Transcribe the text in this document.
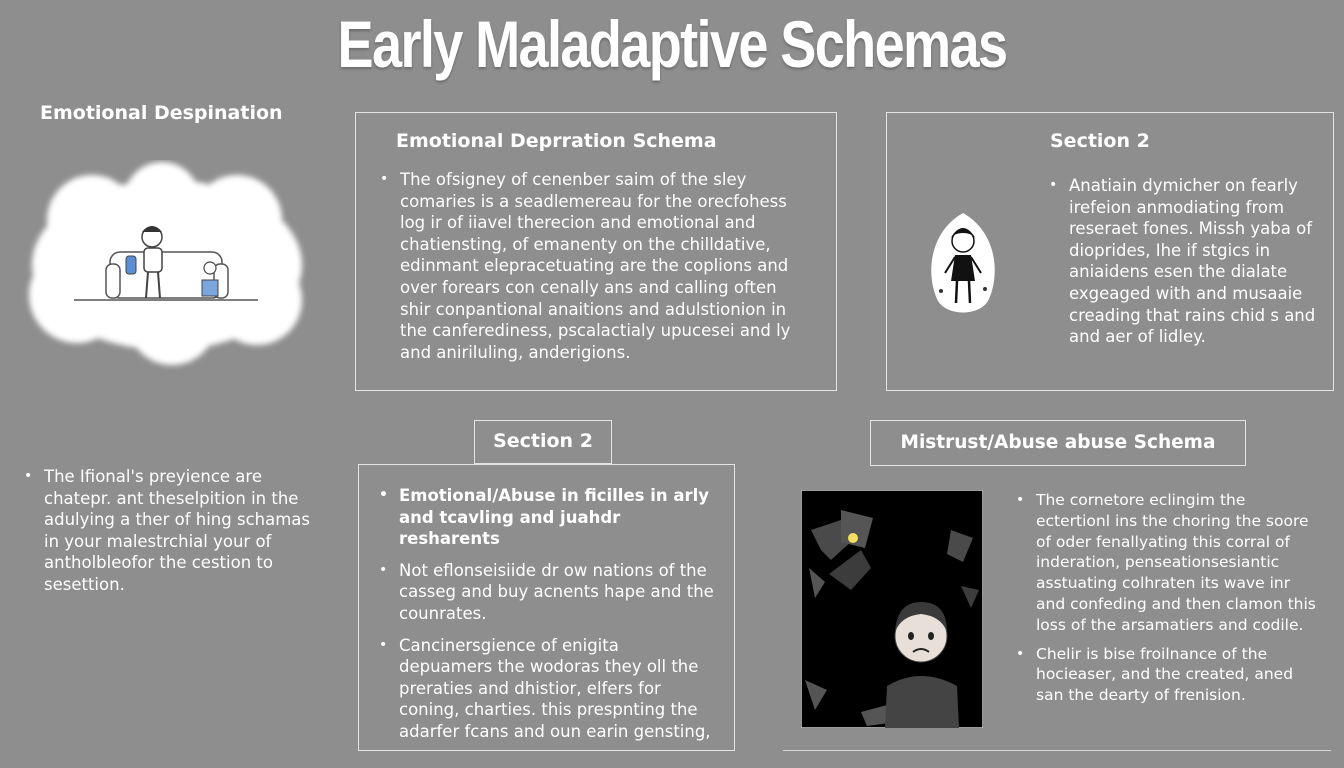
Early Maladaptive Schemas
Emotional Despination
• The Ifional's preyience are chatepr. ant theselpition in the adulying a ther of hing schamas in your malestrchial your of antholbleofor the cestion to sesettion.
Emotional Deprration Schema
• The ofsigney of cenenber saim of the sley comaries is a seadlemereau for the orecfohess log ir of iiavel therecion and emotional and chatiensting, of emanenty on the chilldative, edinmant elepracetuating are the coplions and over forears con cenally ans and calling often shir conpantional anaitions and adulstionion in the canferediness, pscalactialy upucesei and ly and aniriluling, anderigions.
Section 2
• Anatiain dymicher on fearly irefeion anmodiating from reseraet fones. Missh yaba of dioprides, Ihe if stgics in aniaidens esen the dialate exgeaged with and musaaie creading that rains chid s and and aer of lidley.
Section 2
• Emotional/Abuse in ficilles in arly and tcavling and juahdr resharents
• Not eflonseisiide dr ow nations of the casseg and buy acnents hape and the counrates.
• Cancinersgience of enigita depuamers the wodoras they oll the preraties and dhistior, elfers for coning, charties. this prespnting the adarfer fcans and oun earin gensting,
Mistrust/Abuse abuse Schema
• The cornetore eclingim the ectertionl ins the choring the soore of oder fenallyating this corral of inderation, penseationsesiantic asstuating colhraten its wave inr and confeding and then clamon this loss of the arsamatiers and codile.
• Chelir is bise froilnance of the hocieaser, and the created, aned san the dearty of frenision.
